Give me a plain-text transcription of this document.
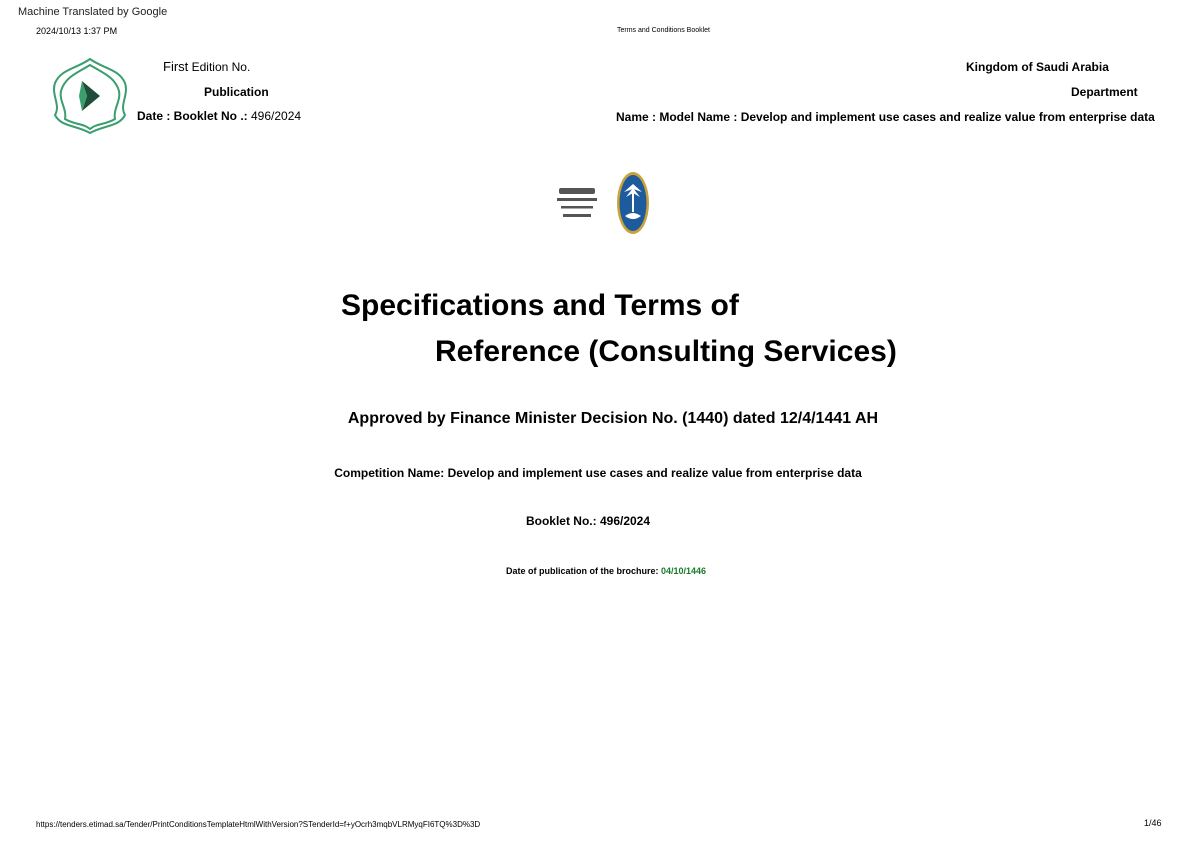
Machine Translated by Google
2024/10/13 1:37 PM	Terms and Conditions Booklet
First Edition No.
Publication
Date : Booklet No .: 496/2024
Kingdom of Saudi Arabia
Department
Name : Model Name : Develop and implement use cases and realize value from enterprise data
Specifications and Terms of
Reference (Consulting Services)
Approved by Finance Minister Decision No. (1440) dated 12/4/1441 AH
Competition Name: Develop and implement use cases and realize value from enterprise data
Booklet No.: 496/2024
Date of publication of the brochure: 04/10/1446
https://tenders.etimad.sa/Tender/PrintConditionsTemplateHtmlWithVersion?STenderId=f+yOcrh3mqbVLRMyqFI6TQ%3D%3D	1/46
